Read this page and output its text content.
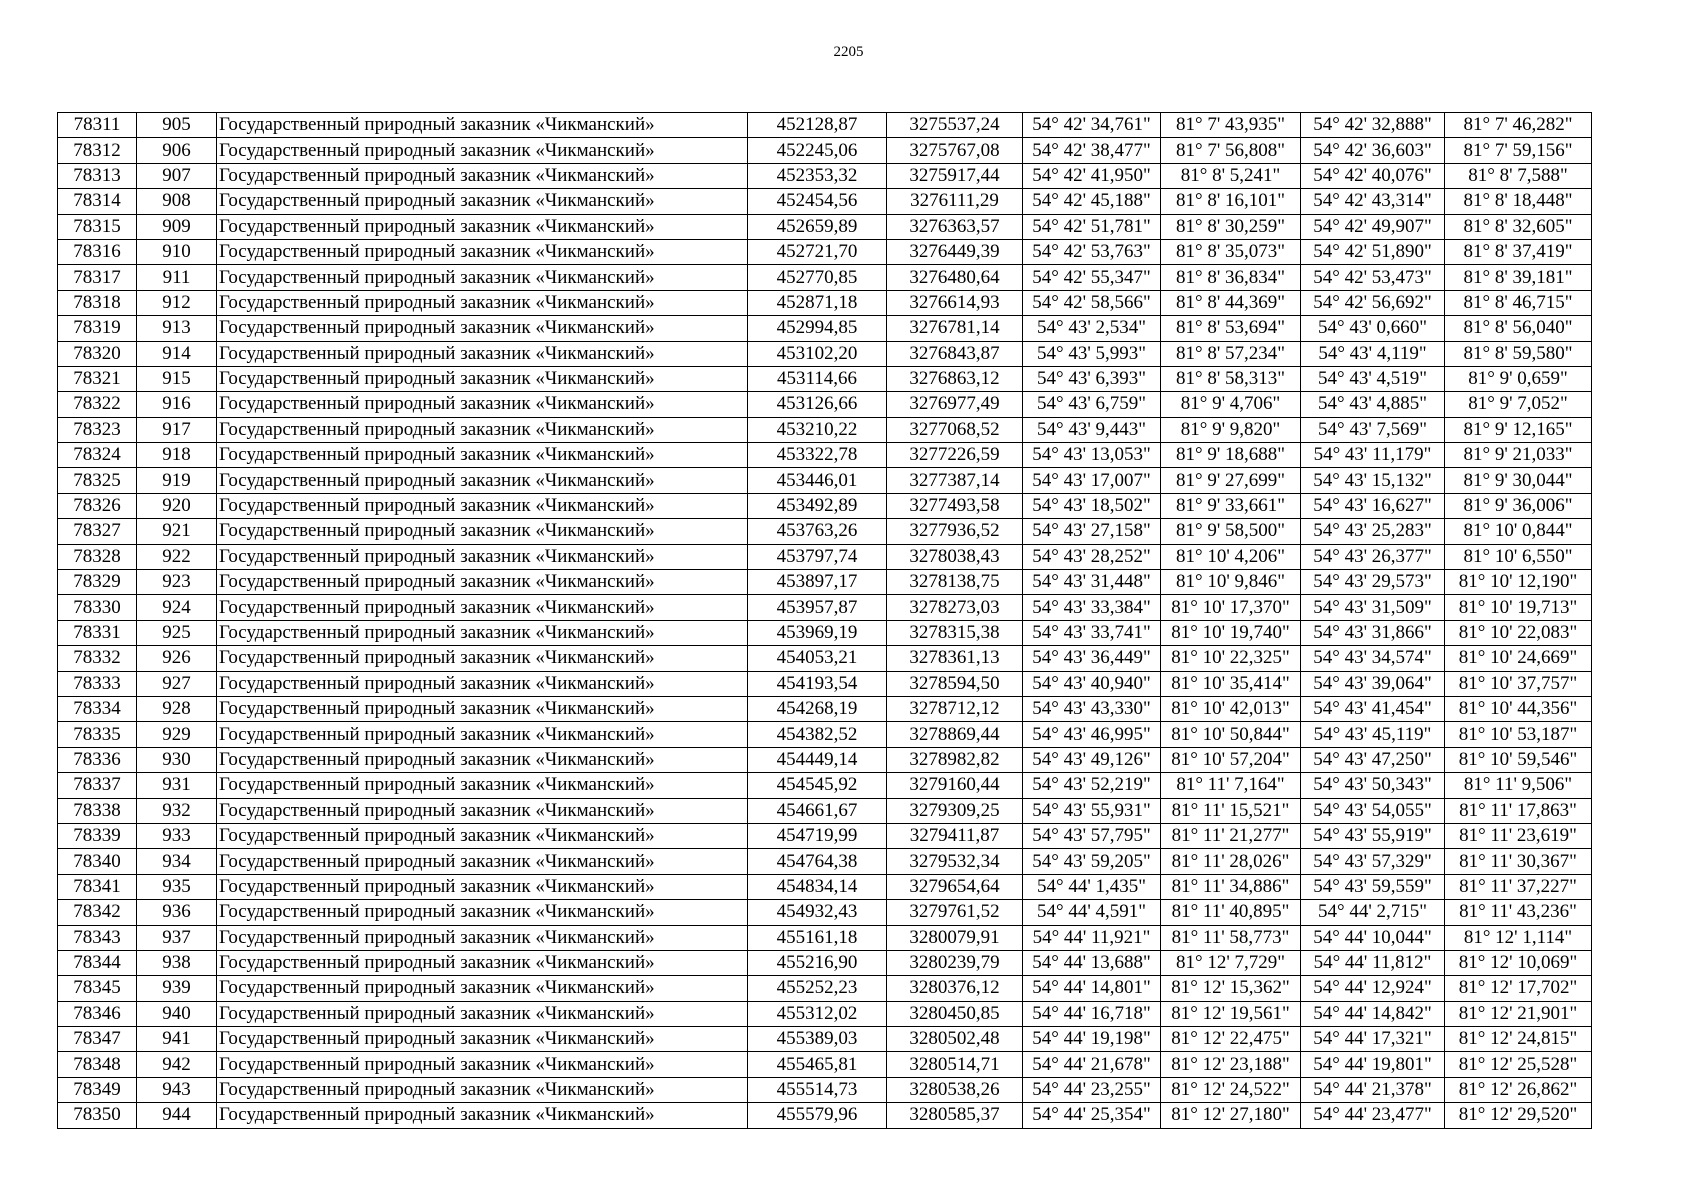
2205
78311	905	Государственный природный заказник «Чикманский»	452128,87	3275537,24	54° 42' 34,761"	81° 7' 43,935"	54° 42' 32,888"	81° 7' 46,282"
78312	906	Государственный природный заказник «Чикманский»	452245,06	3275767,08	54° 42' 38,477"	81° 7' 56,808"	54° 42' 36,603"	81° 7' 59,156"
78313	907	Государственный природный заказник «Чикманский»	452353,32	3275917,44	54° 42' 41,950"	81° 8' 5,241"	54° 42' 40,076"	81° 8' 7,588"
78314	908	Государственный природный заказник «Чикманский»	452454,56	3276111,29	54° 42' 45,188"	81° 8' 16,101"	54° 42' 43,314"	81° 8' 18,448"
78315	909	Государственный природный заказник «Чикманский»	452659,89	3276363,57	54° 42' 51,781"	81° 8' 30,259"	54° 42' 49,907"	81° 8' 32,605"
78316	910	Государственный природный заказник «Чикманский»	452721,70	3276449,39	54° 42' 53,763"	81° 8' 35,073"	54° 42' 51,890"	81° 8' 37,419"
78317	911	Государственный природный заказник «Чикманский»	452770,85	3276480,64	54° 42' 55,347"	81° 8' 36,834"	54° 42' 53,473"	81° 8' 39,181"
78318	912	Государственный природный заказник «Чикманский»	452871,18	3276614,93	54° 42' 58,566"	81° 8' 44,369"	54° 42' 56,692"	81° 8' 46,715"
78319	913	Государственный природный заказник «Чикманский»	452994,85	3276781,14	54° 43' 2,534"	81° 8' 53,694"	54° 43' 0,660"	81° 8' 56,040"
78320	914	Государственный природный заказник «Чикманский»	453102,20	3276843,87	54° 43' 5,993"	81° 8' 57,234"	54° 43' 4,119"	81° 8' 59,580"
78321	915	Государственный природный заказник «Чикманский»	453114,66	3276863,12	54° 43' 6,393"	81° 8' 58,313"	54° 43' 4,519"	81° 9' 0,659"
78322	916	Государственный природный заказник «Чикманский»	453126,66	3276977,49	54° 43' 6,759"	81° 9' 4,706"	54° 43' 4,885"	81° 9' 7,052"
78323	917	Государственный природный заказник «Чикманский»	453210,22	3277068,52	54° 43' 9,443"	81° 9' 9,820"	54° 43' 7,569"	81° 9' 12,165"
78324	918	Государственный природный заказник «Чикманский»	453322,78	3277226,59	54° 43' 13,053"	81° 9' 18,688"	54° 43' 11,179"	81° 9' 21,033"
78325	919	Государственный природный заказник «Чикманский»	453446,01	3277387,14	54° 43' 17,007"	81° 9' 27,699"	54° 43' 15,132"	81° 9' 30,044"
78326	920	Государственный природный заказник «Чикманский»	453492,89	3277493,58	54° 43' 18,502"	81° 9' 33,661"	54° 43' 16,627"	81° 9' 36,006"
78327	921	Государственный природный заказник «Чикманский»	453763,26	3277936,52	54° 43' 27,158"	81° 9' 58,500"	54° 43' 25,283"	81° 10' 0,844"
78328	922	Государственный природный заказник «Чикманский»	453797,74	3278038,43	54° 43' 28,252"	81° 10' 4,206"	54° 43' 26,377"	81° 10' 6,550"
78329	923	Государственный природный заказник «Чикманский»	453897,17	3278138,75	54° 43' 31,448"	81° 10' 9,846"	54° 43' 29,573"	81° 10' 12,190"
78330	924	Государственный природный заказник «Чикманский»	453957,87	3278273,03	54° 43' 33,384"	81° 10' 17,370"	54° 43' 31,509"	81° 10' 19,713"
78331	925	Государственный природный заказник «Чикманский»	453969,19	3278315,38	54° 43' 33,741"	81° 10' 19,740"	54° 43' 31,866"	81° 10' 22,083"
78332	926	Государственный природный заказник «Чикманский»	454053,21	3278361,13	54° 43' 36,449"	81° 10' 22,325"	54° 43' 34,574"	81° 10' 24,669"
78333	927	Государственный природный заказник «Чикманский»	454193,54	3278594,50	54° 43' 40,940"	81° 10' 35,414"	54° 43' 39,064"	81° 10' 37,757"
78334	928	Государственный природный заказник «Чикманский»	454268,19	3278712,12	54° 43' 43,330"	81° 10' 42,013"	54° 43' 41,454"	81° 10' 44,356"
78335	929	Государственный природный заказник «Чикманский»	454382,52	3278869,44	54° 43' 46,995"	81° 10' 50,844"	54° 43' 45,119"	81° 10' 53,187"
78336	930	Государственный природный заказник «Чикманский»	454449,14	3278982,82	54° 43' 49,126"	81° 10' 57,204"	54° 43' 47,250"	81° 10' 59,546"
78337	931	Государственный природный заказник «Чикманский»	454545,92	3279160,44	54° 43' 52,219"	81° 11' 7,164"	54° 43' 50,343"	81° 11' 9,506"
78338	932	Государственный природный заказник «Чикманский»	454661,67	3279309,25	54° 43' 55,931"	81° 11' 15,521"	54° 43' 54,055"	81° 11' 17,863"
78339	933	Государственный природный заказник «Чикманский»	454719,99	3279411,87	54° 43' 57,795"	81° 11' 21,277"	54° 43' 55,919"	81° 11' 23,619"
78340	934	Государственный природный заказник «Чикманский»	454764,38	3279532,34	54° 43' 59,205"	81° 11' 28,026"	54° 43' 57,329"	81° 11' 30,367"
78341	935	Государственный природный заказник «Чикманский»	454834,14	3279654,64	54° 44' 1,435"	81° 11' 34,886"	54° 43' 59,559"	81° 11' 37,227"
78342	936	Государственный природный заказник «Чикманский»	454932,43	3279761,52	54° 44' 4,591"	81° 11' 40,895"	54° 44' 2,715"	81° 11' 43,236"
78343	937	Государственный природный заказник «Чикманский»	455161,18	3280079,91	54° 44' 11,921"	81° 11' 58,773"	54° 44' 10,044"	81° 12' 1,114"
78344	938	Государственный природный заказник «Чикманский»	455216,90	3280239,79	54° 44' 13,688"	81° 12' 7,729"	54° 44' 11,812"	81° 12' 10,069"
78345	939	Государственный природный заказник «Чикманский»	455252,23	3280376,12	54° 44' 14,801"	81° 12' 15,362"	54° 44' 12,924"	81° 12' 17,702"
78346	940	Государственный природный заказник «Чикманский»	455312,02	3280450,85	54° 44' 16,718"	81° 12' 19,561"	54° 44' 14,842"	81° 12' 21,901"
78347	941	Государственный природный заказник «Чикманский»	455389,03	3280502,48	54° 44' 19,198"	81° 12' 22,475"	54° 44' 17,321"	81° 12' 24,815"
78348	942	Государственный природный заказник «Чикманский»	455465,81	3280514,71	54° 44' 21,678"	81° 12' 23,188"	54° 44' 19,801"	81° 12' 25,528"
78349	943	Государственный природный заказник «Чикманский»	455514,73	3280538,26	54° 44' 23,255"	81° 12' 24,522"	54° 44' 21,378"	81° 12' 26,862"
78350	944	Государственный природный заказник «Чикманский»	455579,96	3280585,37	54° 44' 25,354"	81° 12' 27,180"	54° 44' 23,477"	81° 12' 29,520"
